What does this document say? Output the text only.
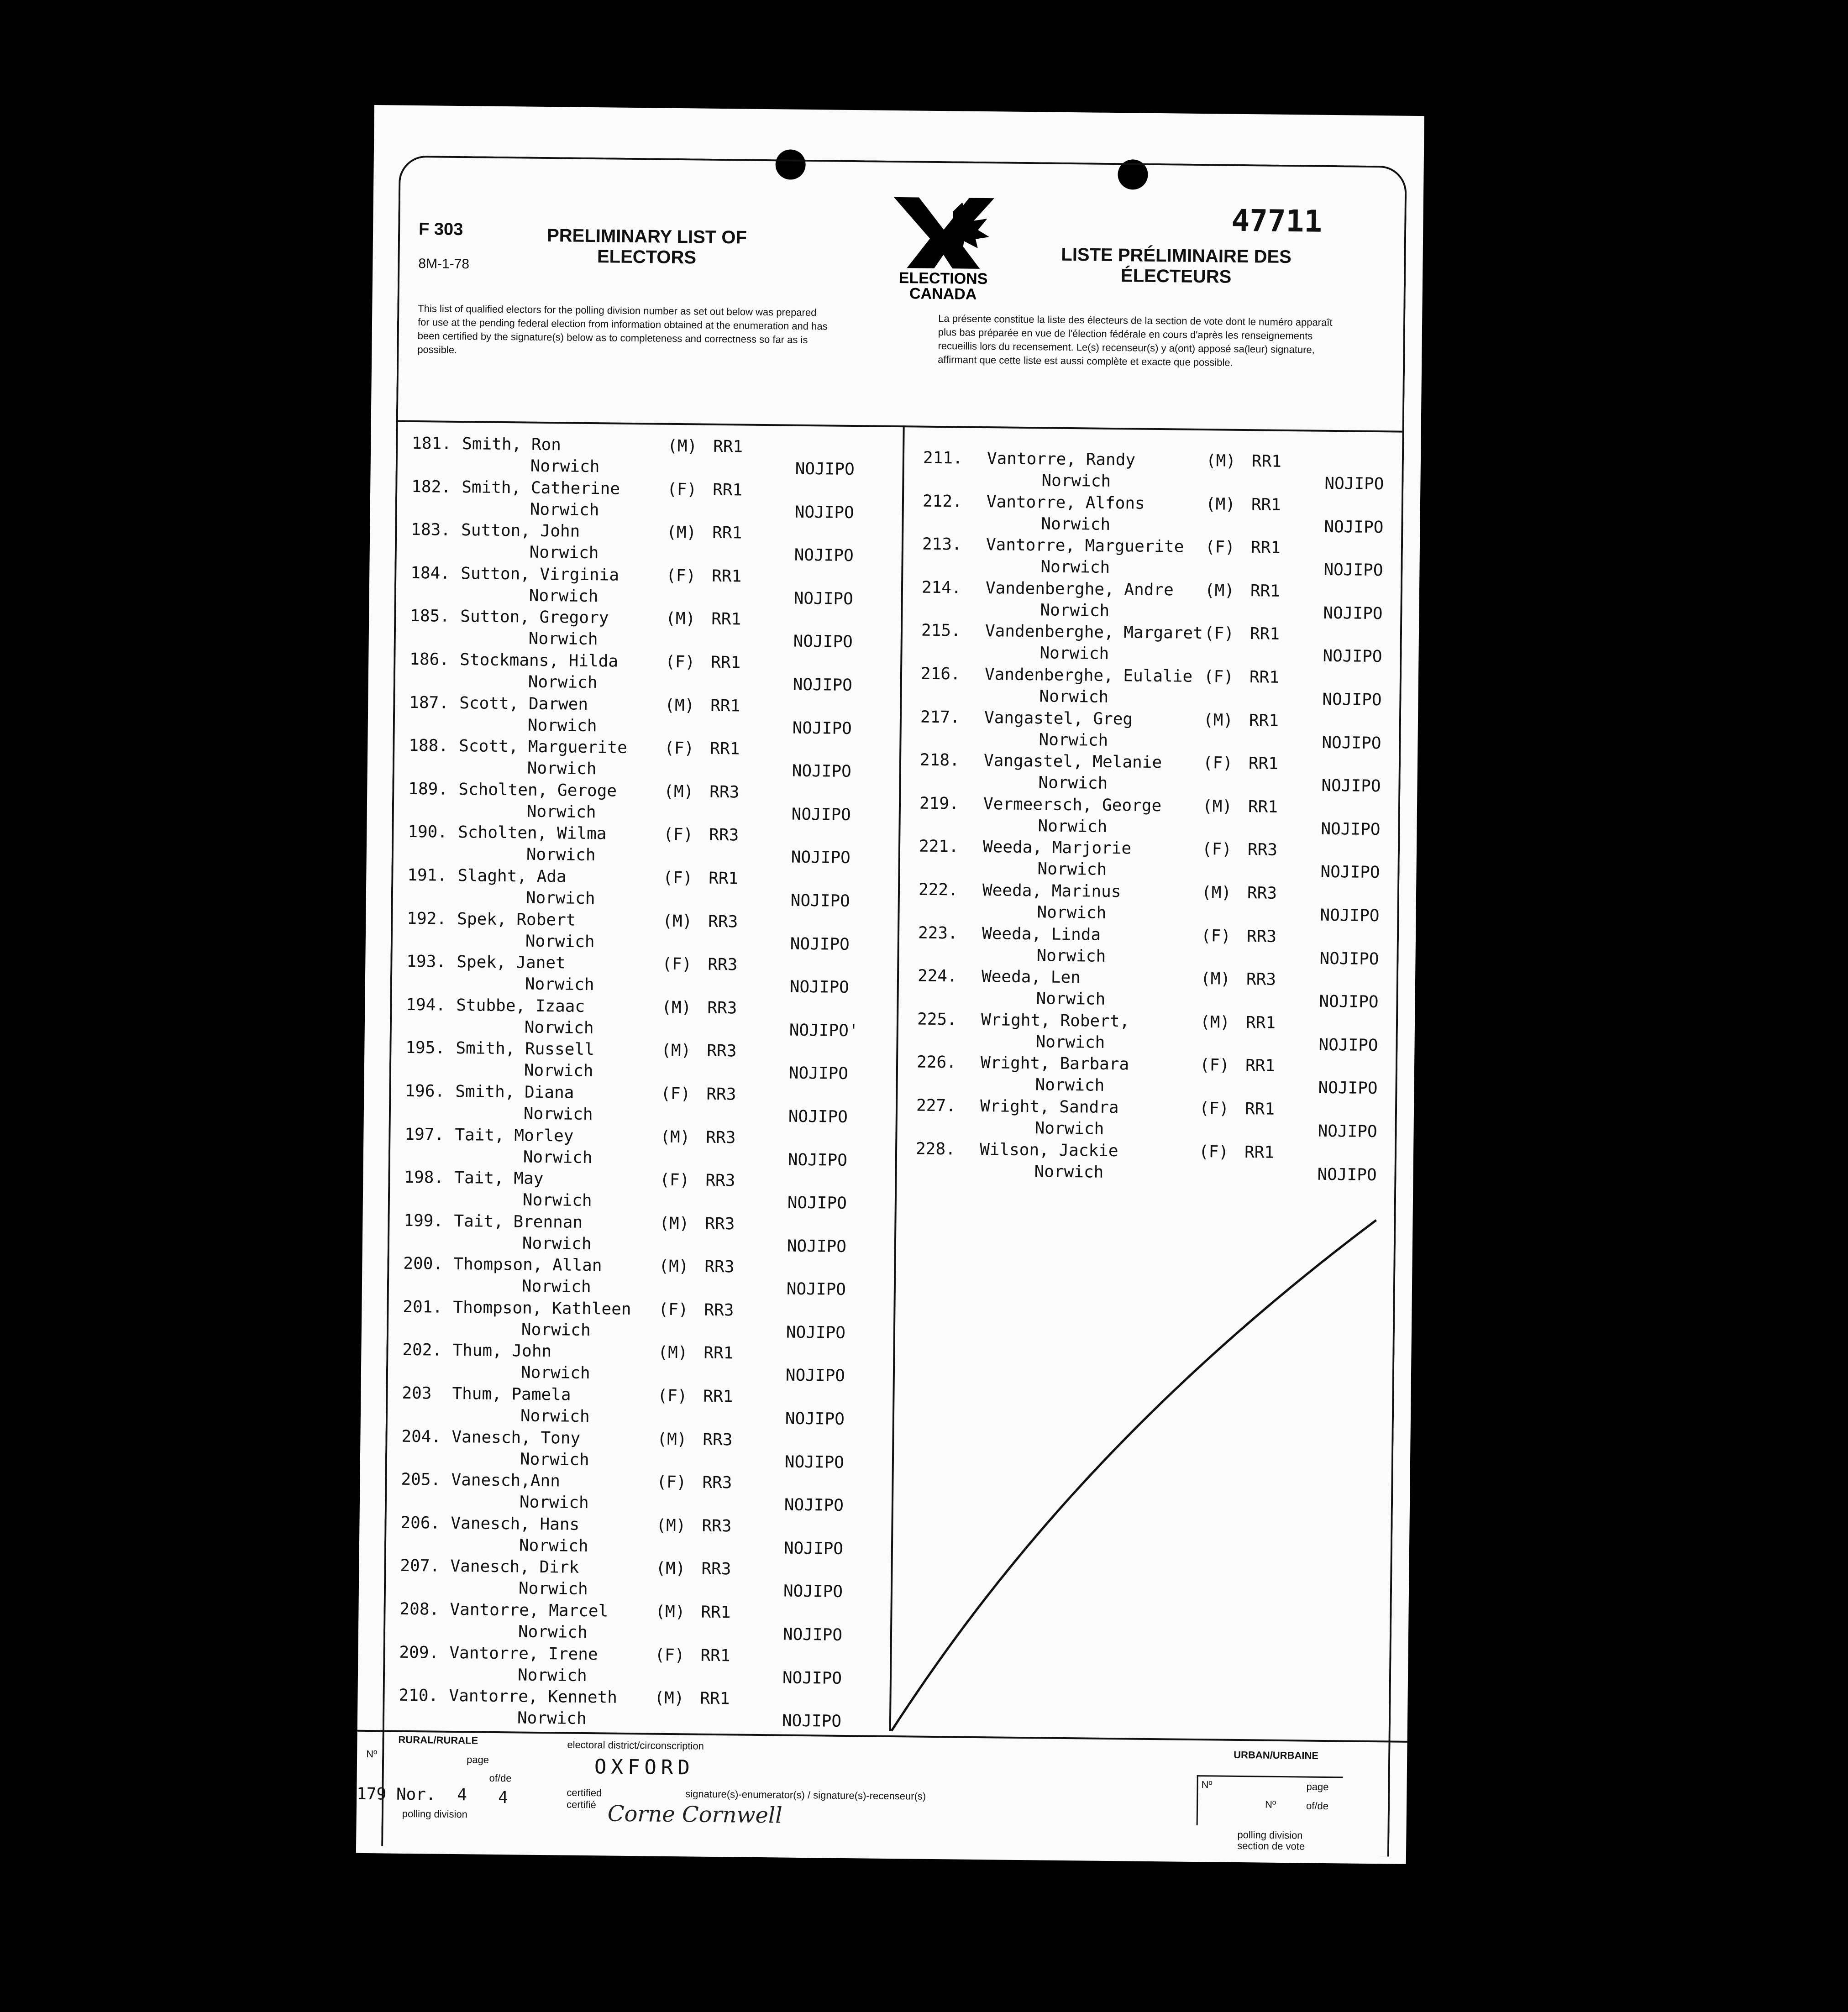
F 303
8M-1-78
PRELIMINARY LIST OF ELECTORS	LISTE PRÉLIMINAIRE DES ÉLECTEURS
47711
ELECTIONS CANADA
This list of qualified electors for the polling division number as set out below was prepared for use at the pending federal election from information obtained at the enumeration and has been certified by the signature(s) below as to completeness and correctness so far as is possible.
La présente constitue la liste des électeurs de la section de vote dont le numéro apparaît plus bas préparée en vue de l'élection fédérale en cours d'après les renseignements recueillis lors du recensement. Le(s) recenseur(s) y a(ont) apposé sa(leur) signature, affirmant que cette liste est aussi complète et exacte que possible.
181. Smith, Ron	(M) RR1
Norwich	NOJIPO
182. Smith, Catherine	(F) RR1
Norwich	NOJIPO
183. Sutton, John	(M) RR1
Norwich	NOJIPO
184. Sutton, Virginia	(F) RR1
Norwich	NOJIPO
185. Sutton, Gregory	(M) RR1
Norwich	NOJIPO
186. Stockmans, Hilda	(F) RR1
Norwich	NOJIPO
187. Scott, Darwen	(M) RR1
Norwich	NOJIPO
188. Scott, Marguerite (F) RR1
Norwich	NOJIPO
189. Scholten, Geroge	(M) RR3
Norwich	NOJIPO
190. Scholten, Wilma	(F) RR3
Norwich	NOJIPO
191. Slaght, Ada	(F) RR1
Norwich	NOJIPO
192. Spek, Robert	(M) RR3
Norwich	NOJIPO
193. Spek, Janet	(F) RR3
Norwich	NOJIPO
194. Stubbe, Izaac	(M) RR3
Norwich	NOJIPO'
195. Smith, Russell	(M) RR3
Norwich	NOJIPO
196. Smith, Diana	(F) RR3
Norwich	NOJIPO
197. Tait, Morley	(M) RR3
Norwich	NOJIPO
198. Tait, May	(F) RR3
Norwich	NOJIPO
199. Tait, Brennan	(M) RR3
Norwich	NOJIPO
200. Thompson, Allan	(M) RR3
Norwich	NOJIPO
201. Thompson, Kathleen (F) RR3
Norwich	NOJIPO
202. Thum, John	(M) RR1
Norwich	NOJIPO
203 Thum, Pamela	(F) RR1
Norwich	NOJIPO
204. Vanesch, Tony	(M) RR3
Norwich	NOJIPO
205. Vanesch,Ann	(F) RR3
Norwich	NOJIPO
206. Vanesch, Hans	(M) RR3
Norwich	NOJIPO
207. Vanesch, Dirk	(M) RR3
Norwich	NOJIPO
208. Vantorre, Marcel	(M) RR1
Norwich	NOJIPO
209. Vantorre, Irene	(F) RR1
Norwich	NOJIPO
210. Vantorre, Kenneth (M) RR1
Norwich	NOJIPO
211. Vantorre, Randy	(M) RR1
Norwich	NOJIPO
212. Vantorre, Alfons	(M) RR1
Norwich	NOJIPO
213. Vantorre, Marguerite (F) RR1
Norwich	NOJIPO
214. Vandenberghe, Andre (M) RR1
Norwich	NOJIPO
215. Vandenberghe, Margaret (F) RR1
Norwich	NOJIPO
216. Vandenberghe, Eulalie (F) RR1
Norwich	NOJIPO
217. Vangastel, Greg	(M) RR1
Norwich	NOJIPO
218. Vangastel, Melanie (F) RR1
Norwich	NOJIPO
219. Vermeersch, George (M) RR1
Norwich	NOJIPO
221. Weeda, Marjorie	(F) RR3
Norwich	NOJIPO
222. Weeda, Marinus	(M) RR3
Norwich	NOJIPO
223. Weeda, Linda	(F) RR3
Norwich	NOJIPO
224. Weeda, Len	(M) RR3
Norwich	NOJIPO
225. Wright, Robert,	(M) RR1
Norwich	NOJIPO
226. Wright, Barbara	(F) RR1
Norwich	NOJIPO
227. Wright, Sandra	(F) RR1
Norwich	NOJIPO
228. Wilson, Jackie	(F) RR1
Norwich	NOJIPO
RURAL/RURALE
Nº	page
of/de
electoral district/circonscription
OXFORD
179 Nor. 4 4
polling division
certified certifié
signature(s)-enumerator(s) / signature(s)-recenseur(s)
Corne Cornwell
URBAN/URBAINE
Nº	page
Nº	of/de
polling division section de vote
